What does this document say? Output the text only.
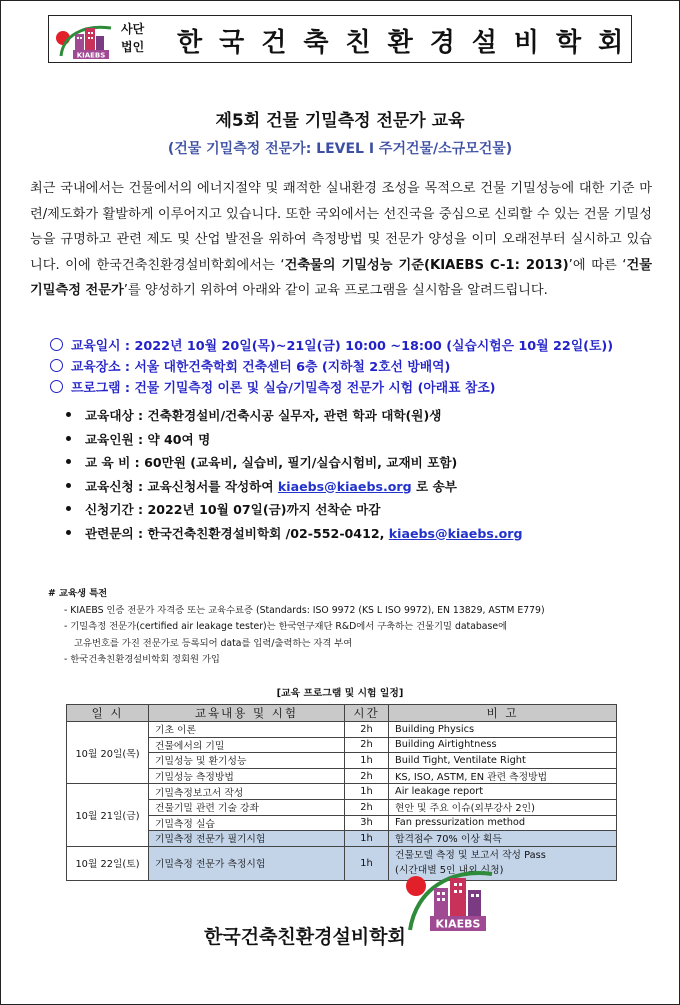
KIAEBS
사단
법인 한국건축친환경설비학회
제5회 건물 기밀측정 전문가 교육
(건물 기밀측정 전문가: LEVEL Ⅰ 주거건물/소규모건물)

최근 국내에서는 건물에서의 에너지절약 및 쾌적한 실내환경 조성을 목적으로 건물 기밀성능에 대한 기준 마련/제도화가 활발하게 이루어지고 있습니다. 또한 국외에서는 선진국을 중심으로 신뢰할 수 있는 건물 기밀성능을 규명하고 관련 제도 및 산업 발전을 위하여 측정방법 및 전문가 양성을 이미 오래전부터 실시하고 있습니다. 이에 한국건축친환경설비학회에서는 ‘건축물의 기밀성능 기준(KIAEBS C-1: 2013)’에 따른 ‘건물 기밀측정 전문가’를 양성하기 위하여 아래와 같이 교육 프로그램을 실시함을 알려드립니다.

교육일시 : 2022년 10월 20일(목)~21일(금) 10:00 ~18:00 (실습시험은 10월 22일(토))
교육장소 : 서울 대한건축학회 건축센터 6층 (지하철 2호선 방배역)
프로그램 : 건물 기밀측정 이론 및 실습/기밀측정 전문가 시험 (아래표 참조)
교육대상 : 건축환경설비/건축시공 실무자, 관련 학과 대학(원)생
교육인원 : 약 40여 명
교 육 비 : 60만원 (교육비, 실습비, 필기/실습시험비, 교재비 포함)
교육신청 : 교육신청서를 작성하여 kiaebs@kiaebs.org 로 송부
신청기간 : 2022년 10월 07일(금)까지 선착순 마감
관련문의 : 한국건축친환경설비학회 /02-552-0412, kiaebs@kiaebs.org
# 교육생 특전
- KIAEBS 인증 전문가 자격증 또는 교육수료증 (Standards: ISO 9972 (KS L ISO 9972), EN 13829, ASTM E779)
- 기밀측정 전문가(certified air leakage tester)는 한국연구재단 R&D에서 구축하는 건물기밀 database에
고유번호를 가진 전문가로 등록되어 data를 입력/출력하는 자격 부여
- 한국건축친환경설비학회 정회원 가입
[교육 프로그램 및 시험 일정]
일 시	교육내용 및 시험	시간	비 고
10월 20일(목)	기초 이론	2h	Building Physics
	건물에서의 기밀	2h	Building Airtightness
	기밀성능 및 환기성능	1h	Build Tight, Ventilate Right
	기밀성능 측정방법	2h	KS, ISO, ASTM, EN 관련 측정방법
10월 21일(금)	기밀측정보고서 작성	1h	Air leakage report
	건물기밀 관련 기술 강좌	2h	현안 및 주요 이슈(외부강사 2인)
	기밀측정 실습	3h	Fan pressurization method
	기밀측정 전문가 필기시험	1h	합격점수 70% 이상 획득
10월 22일(토)	기밀측정 전문가 측정시험	1h	건물모델 측정 및 보고서 작성 Pass
(시간대별 5인 내외 신청)
한국건축친환경설비학회
KIAEBS
